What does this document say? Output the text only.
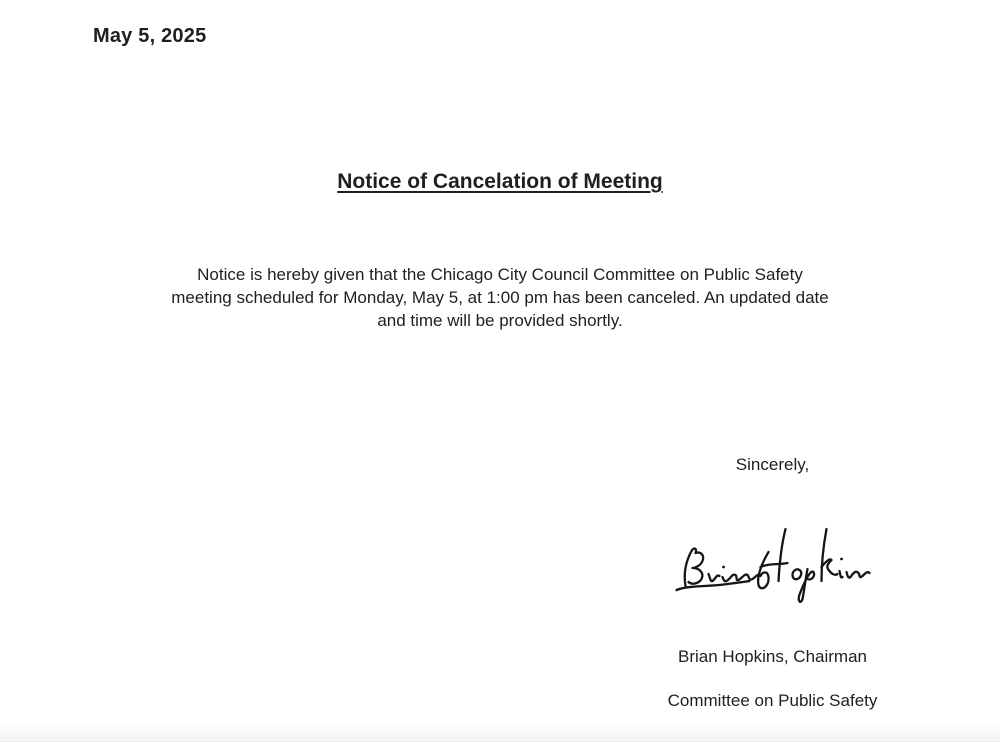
May 5, 2025
Notice of Cancelation of Meeting
Notice is hereby given that the Chicago City Council Committee on Public Safety
meeting scheduled for Monday, May 5, at 1:00 pm has been canceled. An updated date
and time will be provided shortly.
Sincerely,
Brian Hopkins, Chairman
Committee on Public Safety
